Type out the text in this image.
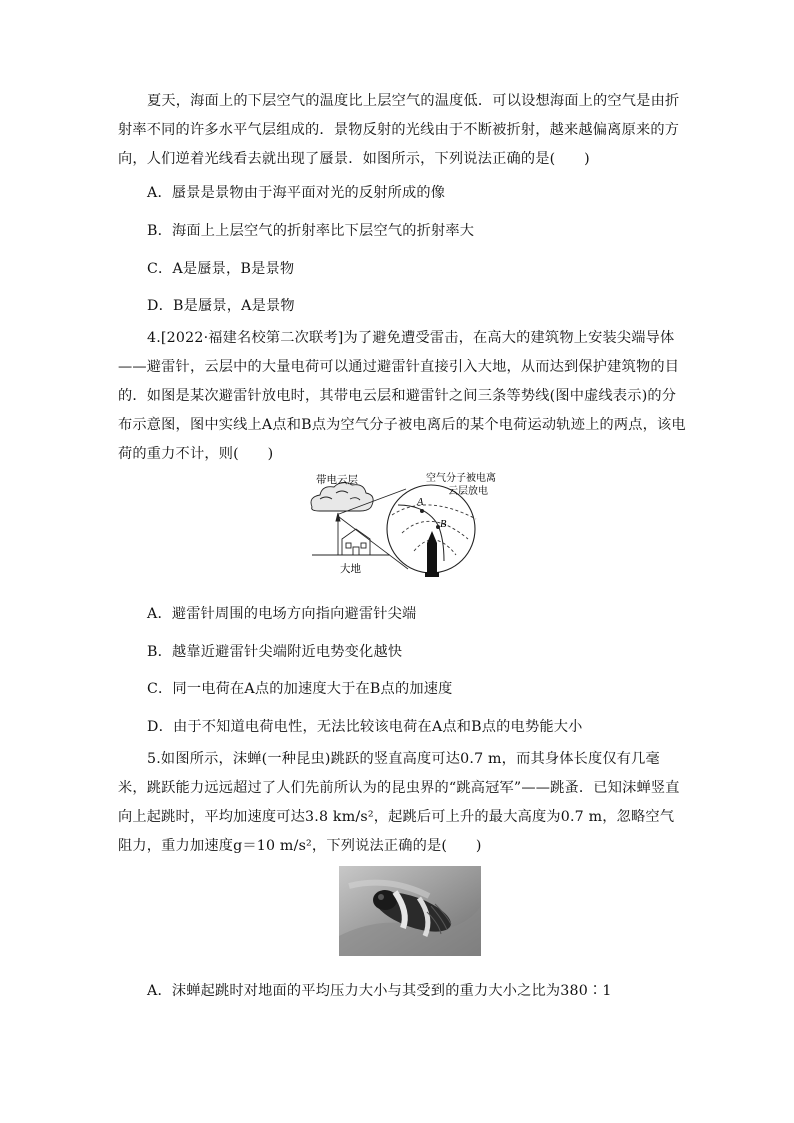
夏天，海面上的下层空气的温度比上层空气的温度低．可以设想海面上的空气是由折射率不同的许多水平气层组成的．景物反射的光线由于不断被折射，越来越偏离原来的方向，人们逆着光线看去就出现了蜃景．如图所示，下列说法正确的是(　　)
A．蜃景是景物由于海平面对光的反射所成的像
B．海面上上层空气的折射率比下层空气的折射率大
C．A是蜃景，B是景物
D．B是蜃景，A是景物
4.[2022·福建名校第二次联考]为了避免遭受雷击，在高大的建筑物上安装尖端导体——避雷针，云层中的大量电荷可以通过避雷针直接引入大地，从而达到保护建筑物的目的．如图是某次避雷针放电时，其带电云层和避雷针之间三条等势线(图中虚线表示)的分布示意图，图中实线上A点和B点为空气分子被电离后的某个电荷运动轨迹上的两点，该电荷的重力不计，则(　　)
带电云层
大地
A
B
空气分子被电离
云层放电
A．避雷针周围的电场方向指向避雷针尖端
B．越靠近避雷针尖端附近电势变化越快
C．同一电荷在A点的加速度大于在B点的加速度
D．由于不知道电荷电性，无法比较该电荷在A点和B点的电势能大小
5.如图所示，沫蝉(一种昆虫)跳跃的竖直高度可达0.7 m，而其身体长度仅有几毫米，跳跃能力远远超过了人们先前所认为的昆虫界的“跳高冠军”——跳蚤．已知沫蝉竖直向上起跳时，平均加速度可达3.8 km/s²，起跳后可上升的最大高度为0.7 m，忽略空气阻力，重力加速度g＝10 m/s²，下列说法正确的是(　　)
A．沫蝉起跳时对地面的平均压力大小与其受到的重力大小之比为380∶1
